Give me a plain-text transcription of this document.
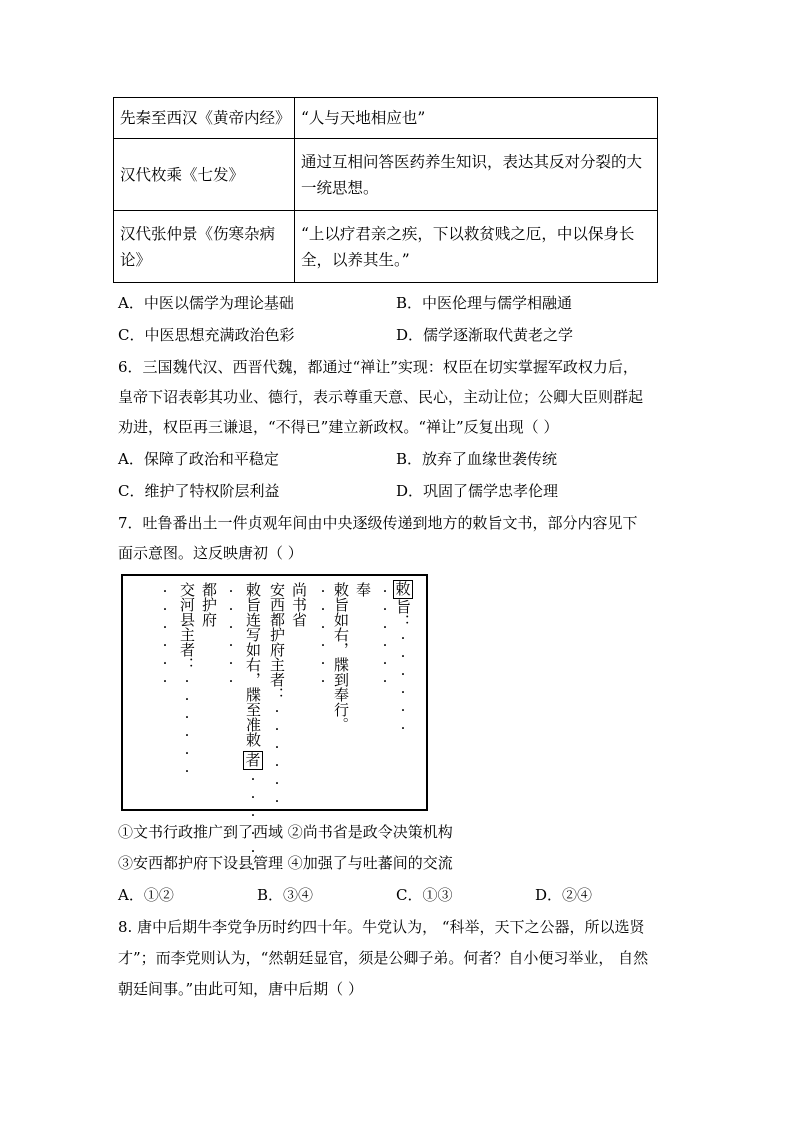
先秦至西汉《黄帝内经》	“人与天地相应也”
汉代枚乘《七发》	通过互相问答医药养生知识，表达其反对分裂的大一统思想。
汉代张仲景《伤寒杂病论》	“上以疗君亲之疾，下以救贫贱之厄，中以保身长全，以养其生。”
A．中医以儒学为理论基础	B．中医伦理与儒学相融通
C．中医思想充满政治色彩	D．儒学逐渐取代黄老之学
6．三国魏代汉、西晋代魏，都通过“禅让”实现：权臣在切实掌握军政权力后，
皇帝下诏表彰其功业、德行，表示尊重天意、民心，主动让位；公卿大臣则群起
劝进，权臣再三谦退，“不得已”建立新政权。“禅让”反复出现（ ）
A．保障了政治和平稳定	B．放弃了血缘世袭传统
C．维护了特权阶层利益	D．巩固了儒学忠孝伦理
7．吐鲁番出土一件贞观年间由中央逐级传递到地方的敕旨文书，部分内容见下
面示意图。这反映唐初（ ）
敕
旨：······
······
奉
敕旨如右，牒到奉行。
······
尚书省
安西都护府主者：······
敕旨连写如右，牒至准敕
者
······
······
都护府
交河县主者：······
······
①文书行政推广到了西域 ②尚书省是政令决策机构
③安西都护府下设县管理 ④加强了与吐蕃间的交流
A．①②	B．③④	C．①③	D．②④
8. 唐中后期牛李党争历时约四十年。牛党认为， “科举，天下之公器，所以选贤
才”；而李党则认为，“然朝廷显官，须是公卿子弟。何者？自小便习举业， 自然
朝廷间事。”由此可知，唐中后期（ ）
